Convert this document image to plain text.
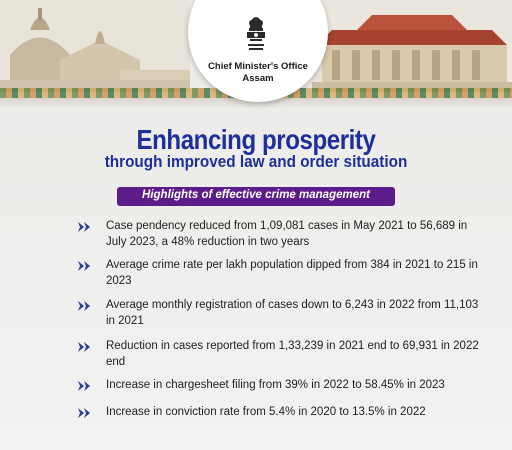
Chief Minister's Office
Assam
Enhancing prosperity
through improved law and order situation
Highlights of effective crime management
Case pendency reduced from 1,09,081 cases in May 2021 to 56,689 in July 2023, a 48% reduction in two years
Average crime rate per lakh population dipped from 384 in 2021 to 215 in 2023
Average monthly registration of cases down to 6,243 in 2022 from 11,103 in 2021
Reduction in cases reported from 1,33,239 in 2021 end to 69,931 in 2022 end
Increase in chargesheet filing from 39% in 2022 to 58.45% in 2023
Increase in conviction rate from 5.4% in 2020 to 13.5% in 2022
